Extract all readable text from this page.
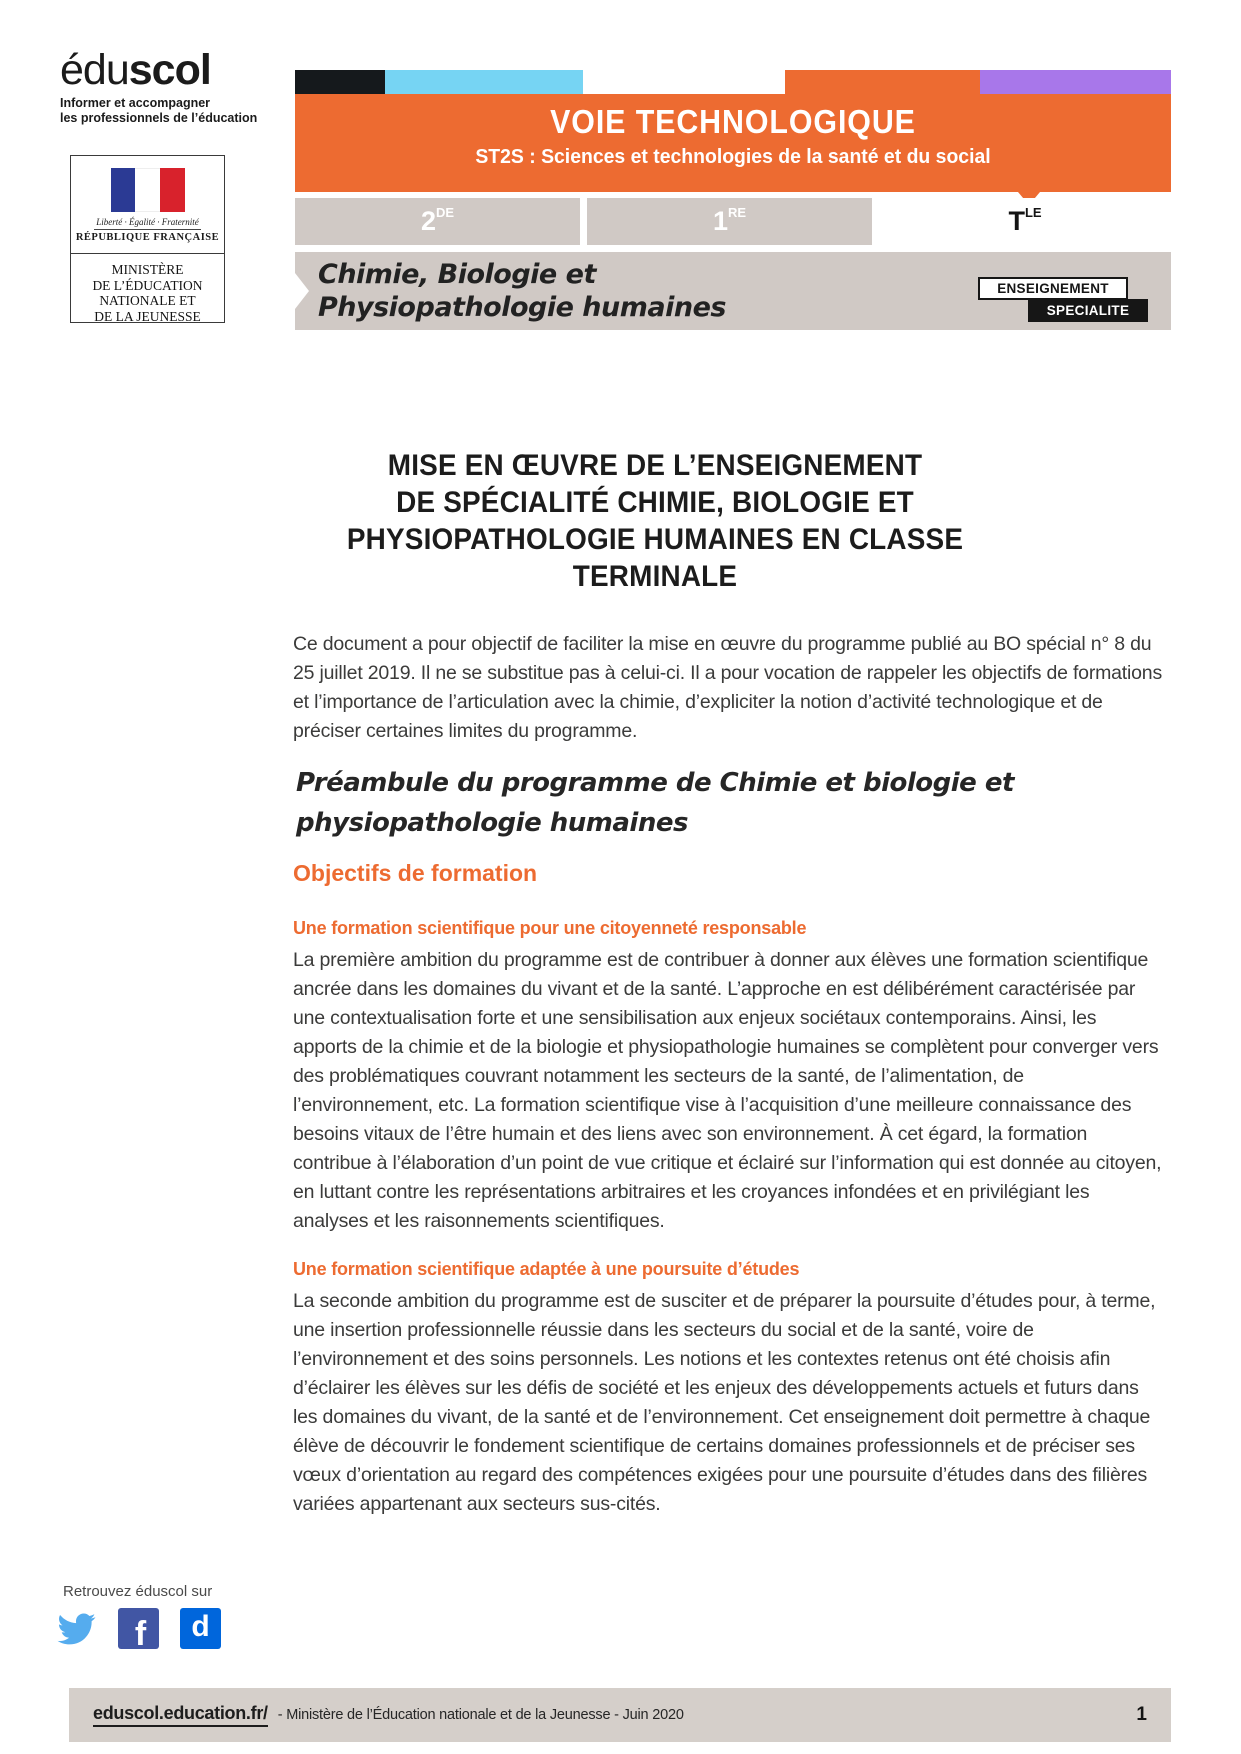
éduscol
Informer et accompagner
les professionnels de l’éducation
Liberté · Égalité · Fraternité
RÉPUBLIQUE FRANÇAISE
MINISTÈRE
DE L’ÉDUCATION
NATIONALE ET
DE LA JEUNESSE
VOIE TECHNOLOGIQUE
ST2S : Sciences et technologies de la santé et du social
2 DE	1 RE	T LE
Chimie, Biologie et Physiopathologie humaines
ENSEIGNEMENT
SPECIALITE
MISE EN ŒUVRE DE L’ENSEIGNEMENT
DE SPÉCIALITÉ CHIMIE, BIOLOGIE ET
PHYSIOPATHOLOGIE HUMAINES EN CLASSE
TERMINALE
Ce document a pour objectif de faciliter la mise en œuvre du programme publié au BO spécial n° 8 du 25 juillet 2019. Il ne se substitue pas à celui-ci. Il a pour vocation de rappeler les objectifs de formations et l’importance de l’articulation avec la chimie, d’expliciter la notion d’activité technologique et de préciser certaines limites du programme.
Préambule du programme de Chimie et biologie et physiopathologie humaines
Objectifs de formation
Une formation scientifique pour une citoyenneté responsable
La première ambition du programme est de contribuer à donner aux élèves une formation scientifique ancrée dans les domaines du vivant et de la santé. L’approche en est délibérément caractérisée par une contextualisation forte et une sensibilisation aux enjeux sociétaux contemporains. Ainsi, les apports de la chimie et de la biologie et physiopathologie humaines se complètent pour converger vers des problématiques couvrant notamment les secteurs de la santé, de l’alimentation, de l’environnement, etc. La formation scientifique vise à l’acquisition d’une meilleure connaissance des besoins vitaux de l’être humain et des liens avec son environnement. À cet égard, la formation contribue à l’élaboration d’un point de vue critique et éclairé sur l’information qui est donnée au citoyen, en luttant contre les représentations arbitraires et les croyances infondées et en privilégiant les analyses et les raisonnements scientifiques.
Une formation scientifique adaptée à une poursuite d’études
La seconde ambition du programme est de susciter et de préparer la poursuite d’études pour, à terme, une insertion professionnelle réussie dans les secteurs du social et de la santé, voire de l’environnement et des soins personnels. Les notions et les contextes retenus ont été choisis afin d’éclairer les élèves sur les défis de société et les enjeux des développements actuels et futurs dans les domaines du vivant, de la santé et de l’environnement. Cet enseignement doit permettre à chaque élève de découvrir le fondement scientifique de certains domaines professionnels et de préciser ses vœux d’orientation au regard des compétences exigées pour une poursuite d’études dans des filières variées appartenant aux secteurs sus-cités.
Retrouvez éduscol sur
f d
eduscol.education.fr/ - Ministère de l’Éducation nationale et de la Jeunesse - Juin 2020	1
